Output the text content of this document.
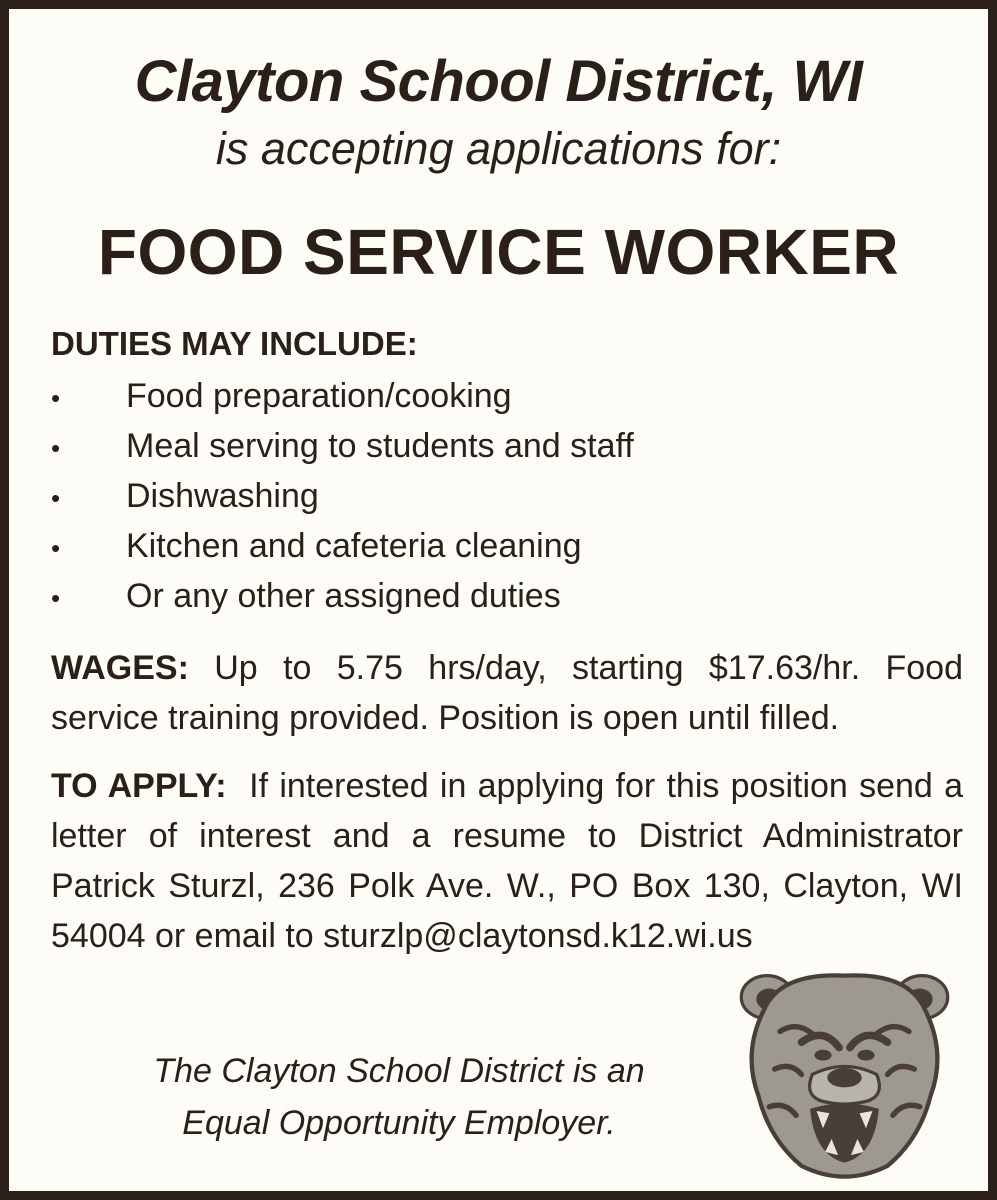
Clayton School District, WI
is accepting applications for:
FOOD SERVICE WORKER
DUTIES MAY INCLUDE:
•	Food preparation/cooking
•	Meal serving to students and staff
•	Dishwashing
•	Kitchen and cafeteria cleaning
•	Or any other assigned duties

WAGES: Up to 5.75 hrs/day, starting $17.63/hr. Food service training provided. Position is open until filled.

TO APPLY:  If interested in applying for this position send a letter of interest and a resume to District Administrator Patrick Sturzl, 236 Polk Ave. W., PO Box 130, Clayton, WI 54004 or email to sturzlp@claytonsd.k12.wi.us

The Clayton School District is an
Equal Opportunity Employer.
